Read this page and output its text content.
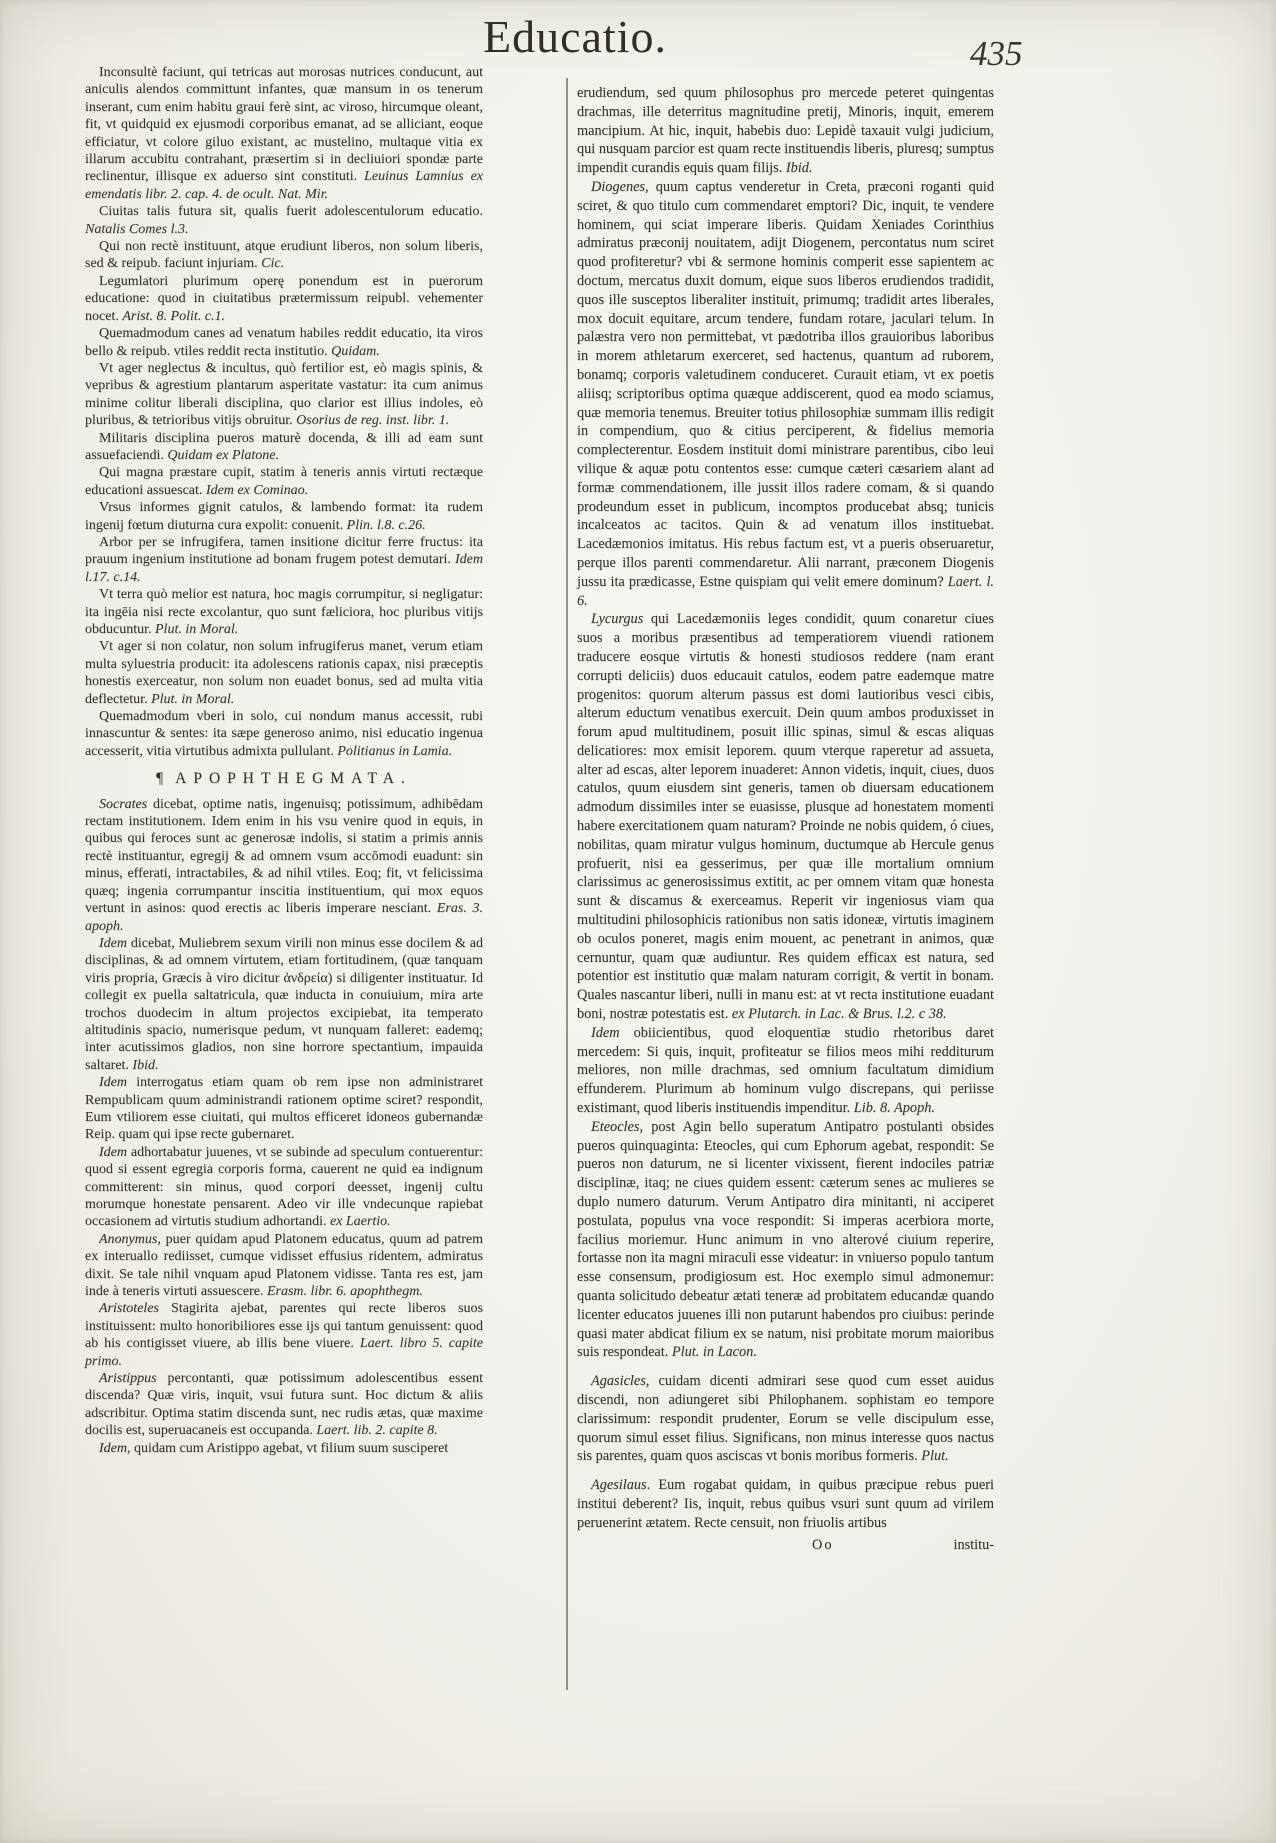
Educatio.	435

Inconsultè faciunt, qui tetricas aut morosas nutrices conducunt, aut aniculis alendos committunt infantes, quæ mansum in os tenerum inserant, cum enim habitu graui ferè sint, ac viroso, hircumque oleant, fit, vt quidquid ex ejusmodi corporibus emanat, ad se alliciant, eoque efficiatur, vt colore giluo existant, ac mustelino, multaque vitia ex illarum accubitu contrahant, præsertim si in decliuiori spondæ parte reclinentur, illisque ex aduerso sint constituti. Leuinus Lamnius ex emendatis libr. 2. cap. 4. de ocult. Nat. Mir.

Ciuitas talis futura sit, qualis fuerit adolescentulorum educatio. Natalis Comes l.3.

Qui non rectè instituunt, atque erudiunt liberos, non solum liberis, sed & reipub. faciunt injuriam. Cic.

Legumlatori plurimum operę ponendum est in puerorum educatione: quod in ciuitatibus prætermissum reipubl. vehementer nocet. Arist. 8. Polit. c.1.

Quemadmodum canes ad venatum habiles reddit educatio, ita viros bello & reipub. vtiles reddit recta institutio. Quidam.

Vt ager neglectus & incultus, quò fertilior est, eò magis spinis, & vepribus & agrestium plantarum asperitate vastatur: ita cum animus minime colitur liberali disciplina, quo clarior est illius indoles, eò pluribus, & tetrioribus vitijs obruitur. Osorius de reg. inst. libr. 1.

Militaris disciplina pueros maturè docenda, & illi ad eam sunt assuefaciendi. Quidam ex Platone.

Qui magna præstare cupit, statim à teneris annis virtuti rectæque educationi assuescat. Idem ex Cominao.

Vrsus informes gignit catulos, & lambendo format: ita rudem ingenij fœtum diuturna cura expolit: conuenit. Plin. l.8. c.26.

Arbor per se infrugifera, tamen insitione dicitur ferre fructus: ita prauum ingenium institutione ad bonam frugem potest demutari. Idem l.17. c.14.

Vt terra quò melior est natura, hoc magis corrumpitur, si negligatur: ita ingēia nisi recte excolantur, quo sunt fæliciora, hoc pluribus vitijs obducuntur. Plut. in Moral.

Vt ager si non colatur, non solum infrugiferus manet, verum etiam multa syluestria producit: ita adolescens rationis capax, nisi præceptis honestis exerceatur, non solum non euadet bonus, sed ad multa vitia deflectetur. Plut. in Moral.

Quemadmodum vberi in solo, cui nondum manus accessit, rubi innascuntur & sentes: ita sæpe generoso animo, nisi educatio ingenua accesserit, vitia virtutibus admixta pullulant. Politianus in Lamia.

¶ APOPHTHEGMATA.

Socrates dicebat, optime natis, ingenuisq; potissimum, adhibēdam rectam institutionem. Idem enim in his vsu venire quod in equis, in quibus qui feroces sunt ac generosæ indolis, si statim a primis annis rectè instituantur, egregij & ad omnem vsum accōmodi euadunt: sin minus, efferati, intractabiles, & ad nihil vtiles. Eoq; fit, vt felicissima quæq; ingenia corrumpantur inscitia instituentium, qui mox equos vertunt in asinos: quod erectis ac liberis imperare nesciant. Eras. 3. apoph.

Idem dicebat, Muliebrem sexum virili non minus esse docilem & ad disciplinas, & ad omnem virtutem, etiam fortitudinem, (quæ tanquam viris propria, Græcis à viro dicitur ἀνδρεία) si diligenter instituatur. Id collegit ex puella saltatricula, quæ inducta in conuiuium, mira arte trochos duodecim in altum projectos excipiebat, ita temperato altitudinis spacio, numerisque pedum, vt nunquam falleret: eademq; inter acutissimos gladios, non sine horrore spectantium, impauida saltaret. Ibid.

Idem interrogatus etiam quam ob rem ipse non administraret Rempublicam quum administrandi rationem optime sciret? respondit, Eum vtiliorem esse ciuitati, qui multos efficeret idoneos gubernandæ Reip. quam qui ipse recte gubernaret.

Idem adhortabatur juuenes, vt se subinde ad speculum contuerentur: quod si essent egregia corporis forma, cauerent ne quid ea indignum committerent: sin minus, quod corpori deesset, ingenij cultu morumque honestate pensarent. Adeo vir ille vndecunque rapiebat occasionem ad virtutis studium adhortandi. ex Laertio.

Anonymus, puer quidam apud Platonem educatus, quum ad patrem ex interuallo rediisset, cumque vidisset effusius ridentem, admiratus dixit. Se tale nihil vnquam apud Platonem vidisse. Tanta res est, jam inde à teneris virtuti assuescere. Erasm. libr. 6. apophthegm.

Aristoteles Stagirita ajebat, parentes qui recte liberos suos instituissent: multo honoribiliores esse ijs qui tantum genuissent: quod ab his contigisset viuere, ab illis bene viuere. Laert. libro 5. capite primo.

Aristippus percontanti, quæ potissimum adolescentibus essent discenda? Quæ viris, inquit, vsui futura sunt. Hoc dictum & aliis adscribitur. Optima statim discenda sunt, nec rudis ætas, quæ maxime docilis est, superuacaneis est occupanda. Laert. lib. 2. capite 8.

Idem, quidam cum Aristippo agebat, vt filium suum susciperet

erudiendum, sed quum philosophus pro mercede peteret quingentas drachmas, ille deterritus magnitudine pretij, Minoris, inquit, emerem mancipium. At hic, inquit, habebis duo: Lepidè taxauit vulgi judicium, qui nusquam parcior est quam recte instituendis liberis, pluresq; sumptus impendit curandis equis quam filijs. Ibid.

Diogenes, quum captus venderetur in Creta, præconi roganti quid sciret, & quo titulo cum commendaret emptori? Dic, inquit, te vendere hominem, qui sciat imperare liberis. Quidam Xeniades Corinthius admiratus præconij nouitatem, adijt Diogenem, percontatus num sciret quod profiteretur? vbi & sermone hominis comperit esse sapientem ac doctum, mercatus duxit domum, eique suos liberos erudiendos tradidit, quos ille susceptos liberaliter instituit, primumq; tradidit artes liberales, mox docuit equitare, arcum tendere, fundam rotare, jaculari telum. In palæstra vero non permittebat, vt pædotriba illos grauioribus laboribus in morem athletarum exerceret, sed hactenus, quantum ad ruborem, bonamq; corporis valetudinem conduceret. Curauit etiam, vt ex poetis aliisq; scriptoribus optima quæque addiscerent, quod ea modo sciamus, quæ memoria tenemus. Breuiter totius philosophiæ summam illis redigit in compendium, quo & citius perciperent, & fidelius memoria complecterentur. Eosdem instituit domi ministrare parentibus, cibo leui vilique & aquæ potu contentos esse: cumque cæteri cæsariem alant ad formæ commendationem, ille jussit illos radere comam, & si quando prodeundum esset in publicum, incomptos producebat absq; tunicis incalceatos ac tacitos. Quin & ad venatum illos instituebat. Lacedæmonios imitatus. His rebus factum est, vt a pueris obseruaretur, perque illos parenti commendaretur. Alii narrant, præconem Diogenis jussu ita prædicasse, Estne quispiam qui velit emere dominum? Laert. l. 6.

Lycurgus qui Lacedæmoniis leges condidit, quum conaretur ciues suos a moribus præsentibus ad temperatiorem viuendi rationem traducere eosque virtutis & honesti studiosos reddere (nam erant corrupti deliciis) duos educauit catulos, eodem patre eademque matre progenitos: quorum alterum passus est domi lautioribus vesci cibis, alterum eductum venatibus exercuit. Dein quum ambos produxisset in forum apud multitudinem, posuit illic spinas, simul & escas aliquas delicatiores: mox emisit leporem. quum vterque raperetur ad assueta, alter ad escas, alter leporem inuaderet: Annon videtis, inquit, ciues, duos catulos, quum eiusdem sint generis, tamen ob diuersam educationem admodum dissimiles inter se euasisse, plusque ad honestatem momenti habere exercitationem quam naturam? Proinde ne nobis quidem, ó ciues, nobilitas, quam miratur vulgus hominum, ductumque ab Hercule genus profuerit, nisi ea gesserimus, per quæ ille mortalium omnium clarissimus ac generosissimus extitit, ac per omnem vitam quæ honesta sunt & discamus & exerceamus. Reperit vir ingeniosus viam qua multitudini philosophicis rationibus non satis idoneæ, virtutis imaginem ob oculos poneret, magis enim mouent, ac penetrant in animos, quæ cernuntur, quam quæ audiuntur. Res quidem efficax est natura, sed potentior est institutio quæ malam naturam corrigit, & vertit in bonam. Quales nascantur liberi, nulli in manu est: at vt recta institutione euadant boni, nostræ potestatis est. ex Plutarch. in Lac. & Brus. l.2. c 38.

Idem obiicientibus, quod eloquentiæ studio rhetoribus daret mercedem: Si quis, inquit, profiteatur se filios meos mihi redditurum meliores, non mille drachmas, sed omnium facultatum dimidium effunderem. Plurimum ab hominum vulgo discrepans, qui periisse existimant, quod liberis instituendis impenditur. Lib. 8. Apoph.

Eteocles, post Agin bello superatum Antipatro postulanti obsides pueros quinquaginta: Eteocles, qui cum Ephorum agebat, respondit: Se pueros non daturum, ne si licenter vixissent, fierent indociles patriæ disciplinæ, itaq; ne ciues quidem essent: cæterum senes ac mulieres se duplo numero daturum. Verum Antipatro dira minitanti, ni acciperet postulata, populus vna voce respondit: Si imperas acerbiora morte, facilius moriemur. Hunc animum in vno alterové ciuium reperire, fortasse non ita magni miraculi esse videatur: in vniuerso populo tantum esse consensum, prodigiosum est. Hoc exemplo simul admonemur: quanta solicitudo debeatur ætati teneræ ad probitatem educandæ quando licenter educatos juuenes illi non putarunt habendos pro ciuibus: perinde quasi mater abdicat filium ex se natum, nisi probitate morum maioribus suis respondeat. Plut. in Lacon.

Agasicles, cuidam dicenti admirari sese quod cum esset auidus discendi, non adiungeret sibi Philophanem. sophistam eo tempore clarissimum: respondit prudenter, Eorum se velle discipulum esse, quorum simul esset filius. Significans, non minus interesse quos nactus sis parentes, quam quos asciscas vt bonis moribus formeris. Plut.

Agesilaus. Eum rogabat quidam, in quibus præcipue rebus pueri institui deberent? Iis, inquit, rebus quibus vsuri sunt quum ad virilem peruenerint ætatem. Recte censuit, non friuolis artibus

Oo	institu-
